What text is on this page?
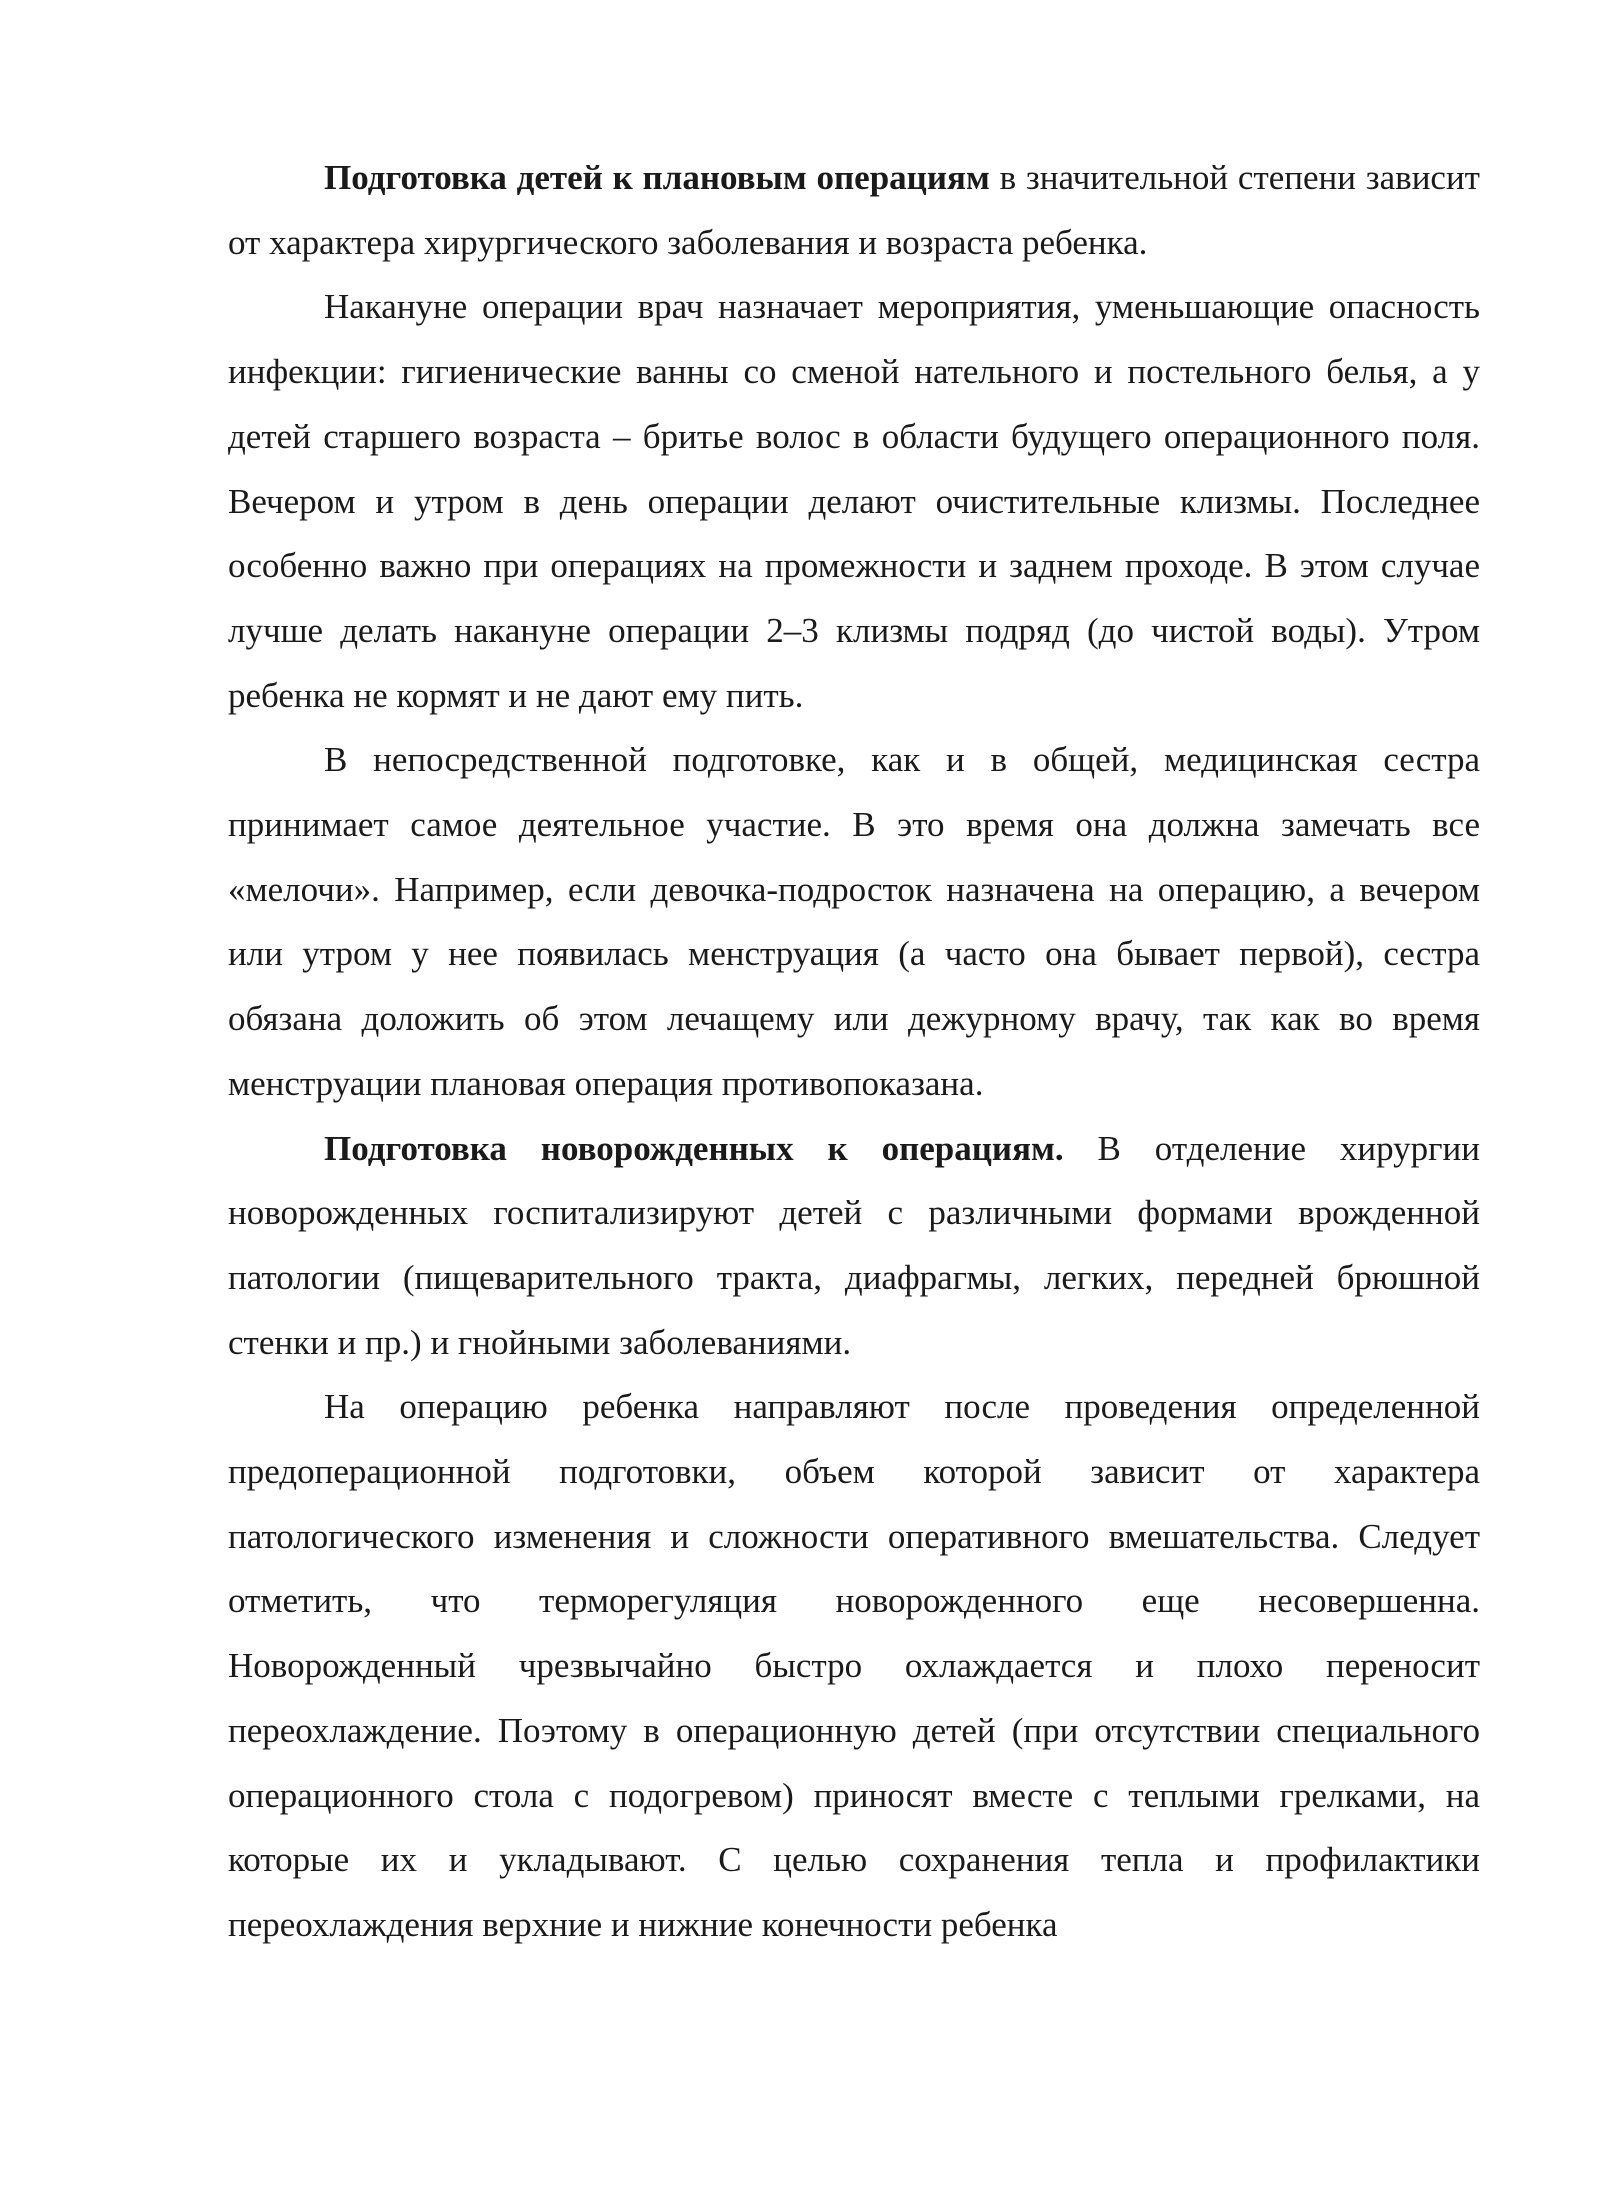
Подготовка детей к плановым операциям в значительной степени зависит от характера хирургического заболевания и возраста ребенка.

Накануне операции врач назначает мероприятия, уменьшающие опасность инфекции: гигиенические ванны со сменой нательного и постельного белья, а у детей старшего возраста – бритье волос в области будущего операционного поля. Вечером и утром в день операции делают очистительные клизмы. Последнее особенно важно при операциях на промежности и заднем проходе. В этом случае лучше делать накануне операции 2–3 клизмы подряд (до чистой воды). Утром ребенка не кормят и не дают ему пить.

В непосредственной подготовке, как и в общей, медицинская сестра принимает самое деятельное участие. В это время она должна замечать все «мелочи». Например, если девочка-подросток назначена на операцию, а вечером или утром у нее появилась менструация (а часто она бывает первой), сестра обязана доложить об этом лечащему или дежурному врачу, так как во время менструации плановая операция противопоказана.

Подготовка новорожденных к операциям. В отделение хирургии новорожденных госпитализируют детей с различными формами врожденной патологии (пищеварительного тракта, диафрагмы, легких, передней брюшной стенки и пр.) и гнойными заболеваниями.

На операцию ребенка направляют после проведения определенной предоперационной подготовки, объем которой зависит от характера патологического изменения и сложности оперативного вмешательства. Следует отметить, что терморегуляция новорожденного еще несовершенна. Новорожденный чрезвычайно быстро охлаждается и плохо переносит переохлаждение. Поэтому в операционную детей (при отсутствии специального операционного стола с подогревом) приносят вместе с теплыми грелками, на которые их и укладывают. С целью сохранения тепла и профилактики переохлаждения верхние и нижние конечности ребенка
